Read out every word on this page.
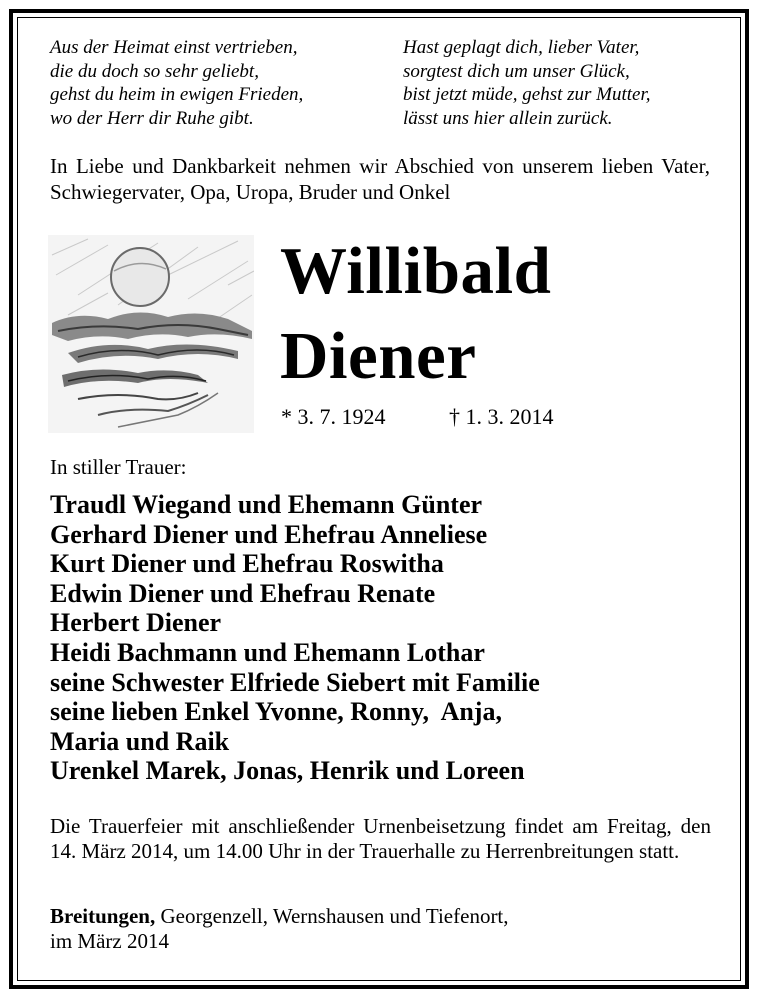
Aus der Heimat einst vertrieben,
die du doch so sehr geliebt,
gehst du heim in ewigen Frieden,
wo der Herr dir Ruhe gibt.
Hast geplagt dich, lieber Vater,
sorgtest dich um unser Glück,
bist jetzt müde, gehst zur Mutter,
lässt uns hier allein zurück.
In Liebe und Dankbarkeit nehmen wir Abschied von unserem lieben Vater, Schwiegervater, Opa, Uropa, Bruder und Onkel
Willibald
Diener
* 3. 7. 1924	† 1. 3. 2014
In stiller Trauer:
Traudl Wiegand und Ehemann Günter
Gerhard Diener und Ehefrau Anneliese
Kurt Diener und Ehefrau Roswitha
Edwin Diener und Ehefrau Renate
Herbert Diener
Heidi Bachmann und Ehemann Lothar
seine Schwester Elfriede Siebert mit Familie
seine lieben Enkel Yvonne, Ronny,  Anja,
Maria und Raik
Urenkel Marek, Jonas, Henrik und Loreen
Die Trauerfeier mit anschließender Urnenbeisetzung findet am Freitag, den 14. März 2014, um 14.00 Uhr in der Trauerhalle zu Herrenbreitungen statt.
Breitungen, Georgenzell, Wernshausen und Tiefenort,
im März 2014
